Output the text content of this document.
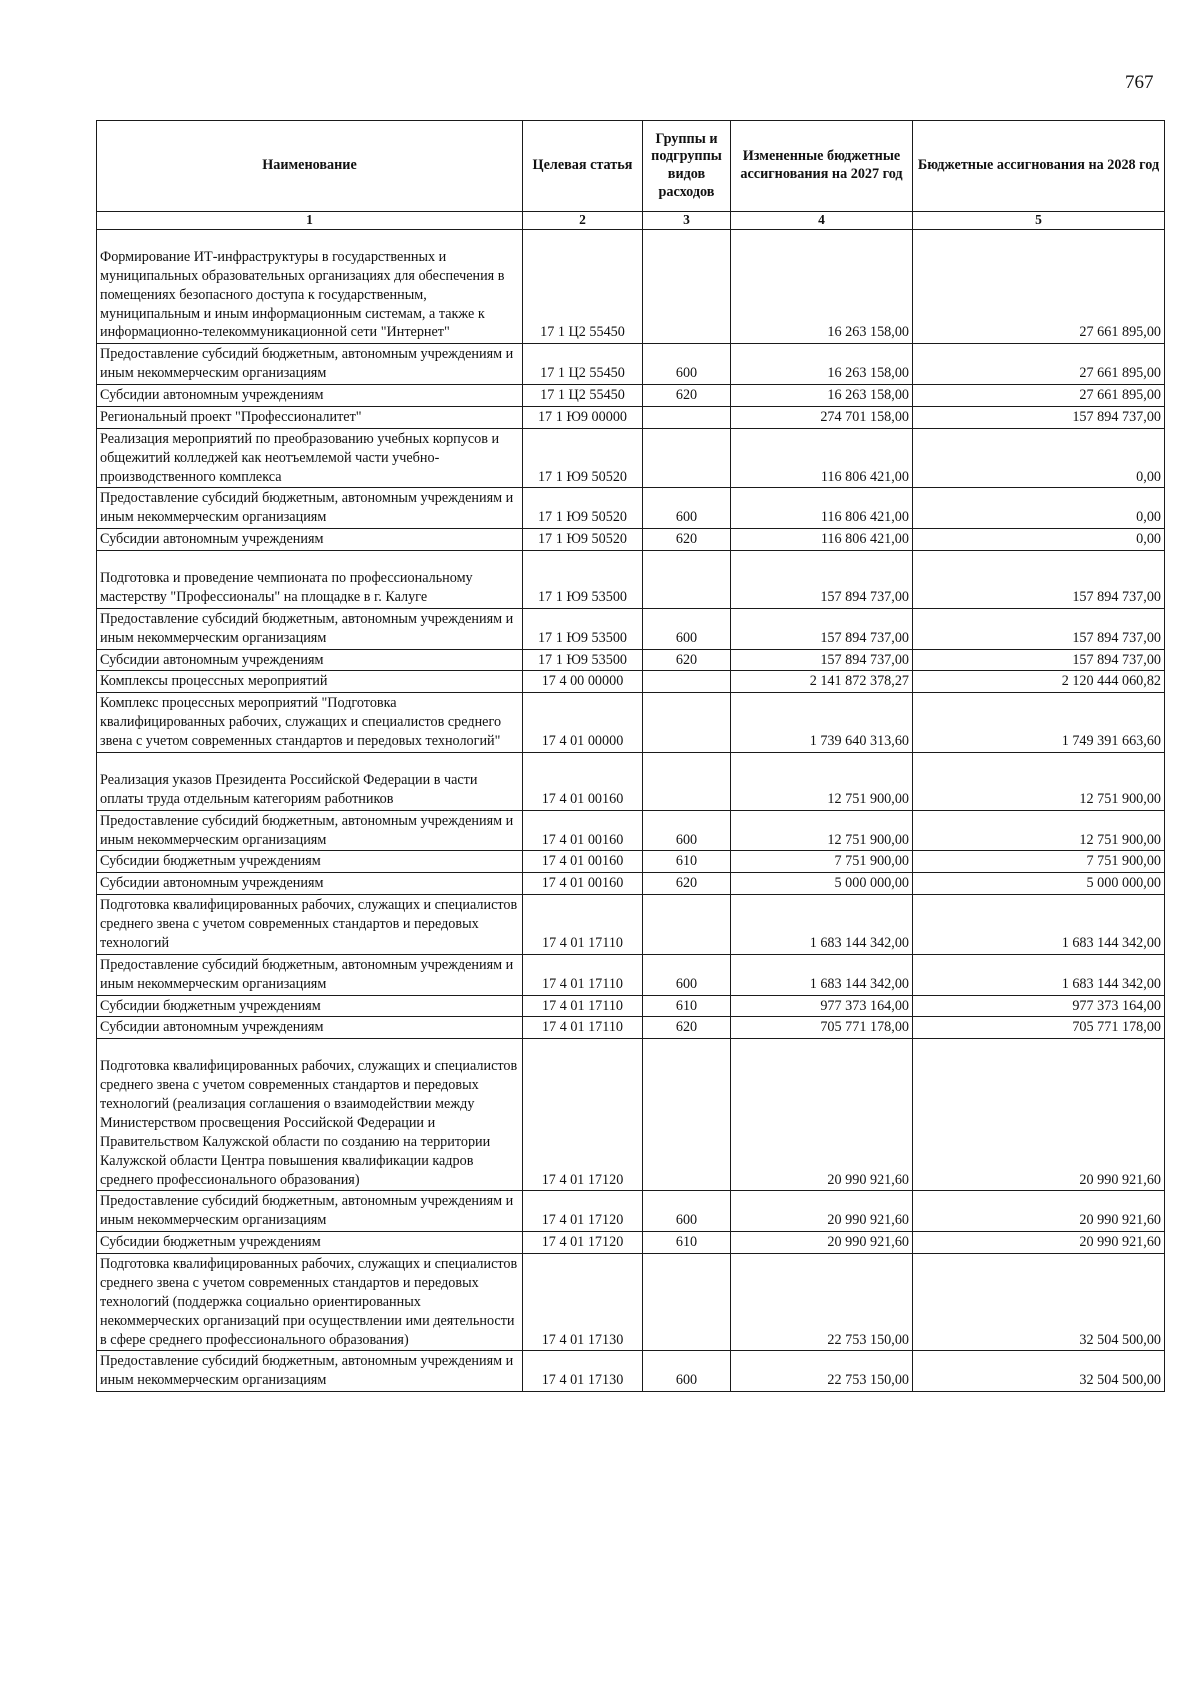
767
Наименование	Целевая статья	Группы и подгруппы видов расходов	Измененные бюджетные ассигнования на 2027 год	Бюджетные ассигнования на 2028 год
1	2	3	4	5
Формирование ИТ-инфраструктуры в государственных и муниципальных образовательных организациях для обеспечения в помещениях безопасного доступа к государственным, муниципальным и иным информационным системам, а также к информационно-телекоммуникационной сети "Интернет"	17 1 Ц2 55450		16 263 158,00	27 661 895,00
Предоставление субсидий бюджетным, автономным учреждениям и иным некоммерческим организациям	17 1 Ц2 55450	600	16 263 158,00	27 661 895,00
Субсидии автономным учреждениям	17 1 Ц2 55450	620	16 263 158,00	27 661 895,00
Региональный проект "Профессионалитет"	17 1 Ю9 00000		274 701 158,00	157 894 737,00
Реализация мероприятий по преобразованию учебных корпусов и общежитий колледжей как неотъемлемой части учебно-производственного комплекса	17 1 Ю9 50520		116 806 421,00	0,00
Предоставление субсидий бюджетным, автономным учреждениям и иным некоммерческим организациям	17 1 Ю9 50520	600	116 806 421,00	0,00
Субсидии автономным учреждениям	17 1 Ю9 50520	620	116 806 421,00	0,00
Подготовка и проведение чемпионата по профессиональному мастерству "Профессионалы" на площадке в г. Калуге	17 1 Ю9 53500		157 894 737,00	157 894 737,00
Предоставление субсидий бюджетным, автономным учреждениям и иным некоммерческим организациям	17 1 Ю9 53500	600	157 894 737,00	157 894 737,00
Субсидии автономным учреждениям	17 1 Ю9 53500	620	157 894 737,00	157 894 737,00
Комплексы процессных мероприятий	17 4 00 00000		2 141 872 378,27	2 120 444 060,82
Комплекс процессных мероприятий "Подготовка квалифицированных рабочих, служащих и специалистов среднего звена с учетом современных стандартов и передовых технологий"	17 4 01 00000		1 739 640 313,60	1 749 391 663,60
Реализация указов Президента Российской Федерации в части оплаты труда отдельным категориям работников	17 4 01 00160		12 751 900,00	12 751 900,00
Предоставление субсидий бюджетным, автономным учреждениям и иным некоммерческим организациям	17 4 01 00160	600	12 751 900,00	12 751 900,00
Субсидии бюджетным учреждениям	17 4 01 00160	610	7 751 900,00	7 751 900,00
Субсидии автономным учреждениям	17 4 01 00160	620	5 000 000,00	5 000 000,00
Подготовка квалифицированных рабочих, служащих и специалистов среднего звена с учетом современных стандартов и передовых технологий	17 4 01 17110		1 683 144 342,00	1 683 144 342,00
Предоставление субсидий бюджетным, автономным учреждениям и иным некоммерческим организациям	17 4 01 17110	600	1 683 144 342,00	1 683 144 342,00
Субсидии бюджетным учреждениям	17 4 01 17110	610	977 373 164,00	977 373 164,00
Субсидии автономным учреждениям	17 4 01 17110	620	705 771 178,00	705 771 178,00
Подготовка квалифицированных рабочих, служащих и специалистов среднего звена с учетом современных стандартов и передовых технологий (реализация соглашения о взаимодействии между Министерством просвещения Российской Федерации и Правительством Калужской области по созданию на территории Калужской области Центра повышения квалификации кадров среднего профессионального образования)	17 4 01 17120		20 990 921,60	20 990 921,60
Предоставление субсидий бюджетным, автономным учреждениям и иным некоммерческим организациям	17 4 01 17120	600	20 990 921,60	20 990 921,60
Субсидии бюджетным учреждениям	17 4 01 17120	610	20 990 921,60	20 990 921,60
Подготовка квалифицированных рабочих, служащих и специалистов среднего звена с учетом современных стандартов и передовых технологий (поддержка социально ориентированных некоммерческих организаций при осуществлении ими деятельности в сфере среднего профессионального образования)	17 4 01 17130		22 753 150,00	32 504 500,00
Предоставление субсидий бюджетным, автономным учреждениям и иным некоммерческим организациям	17 4 01 17130	600	22 753 150,00	32 504 500,00
